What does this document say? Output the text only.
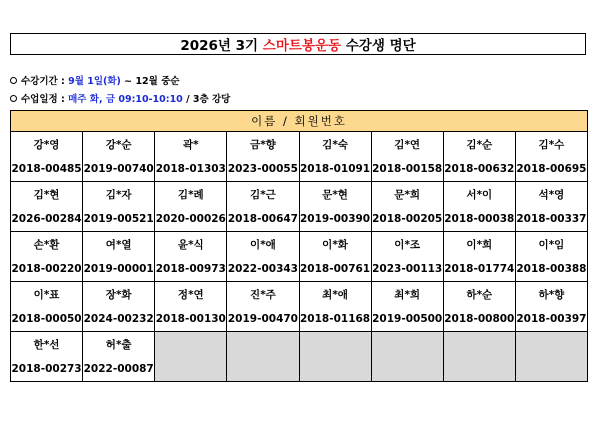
2026년 3기 스마트봉운동 수강생 명단
수강기간 : 9월 1일(화) ~ 12월 중순
수업일정 : 매주 화, 금 09:10-10:10 / 3층 강당
이름 / 회원번호							
강*영	강*순	곽*	금*향	김*숙	김*연	김*순	김*수
2018-00485	2019-00740	2018-01303	2023-00055	2018-01091	2018-00158	2018-00632	2018-00695
김*현	김*자	김*례	김*근	문*현	문*희	서*이	석*영
2026-00284	2019-00521	2020-00026	2018-00647	2019-00390	2018-00205	2018-00038	2018-00337
손*환	여*열	윤*식	이*애	이*화	이*조	이*희	이*임
2018-00220	2019-00001	2018-00973	2022-00343	2018-00761	2023-00113	2018-01774	2018-00388
이*표	장*화	정*연	진*주	최*애	최*희	하*순	하*향
2018-00050	2024-00232	2018-00130	2019-00470	2018-01168	2019-00500	2018-00800	2018-00397
한*선	허*출						
2018-00273	2022-00087						
